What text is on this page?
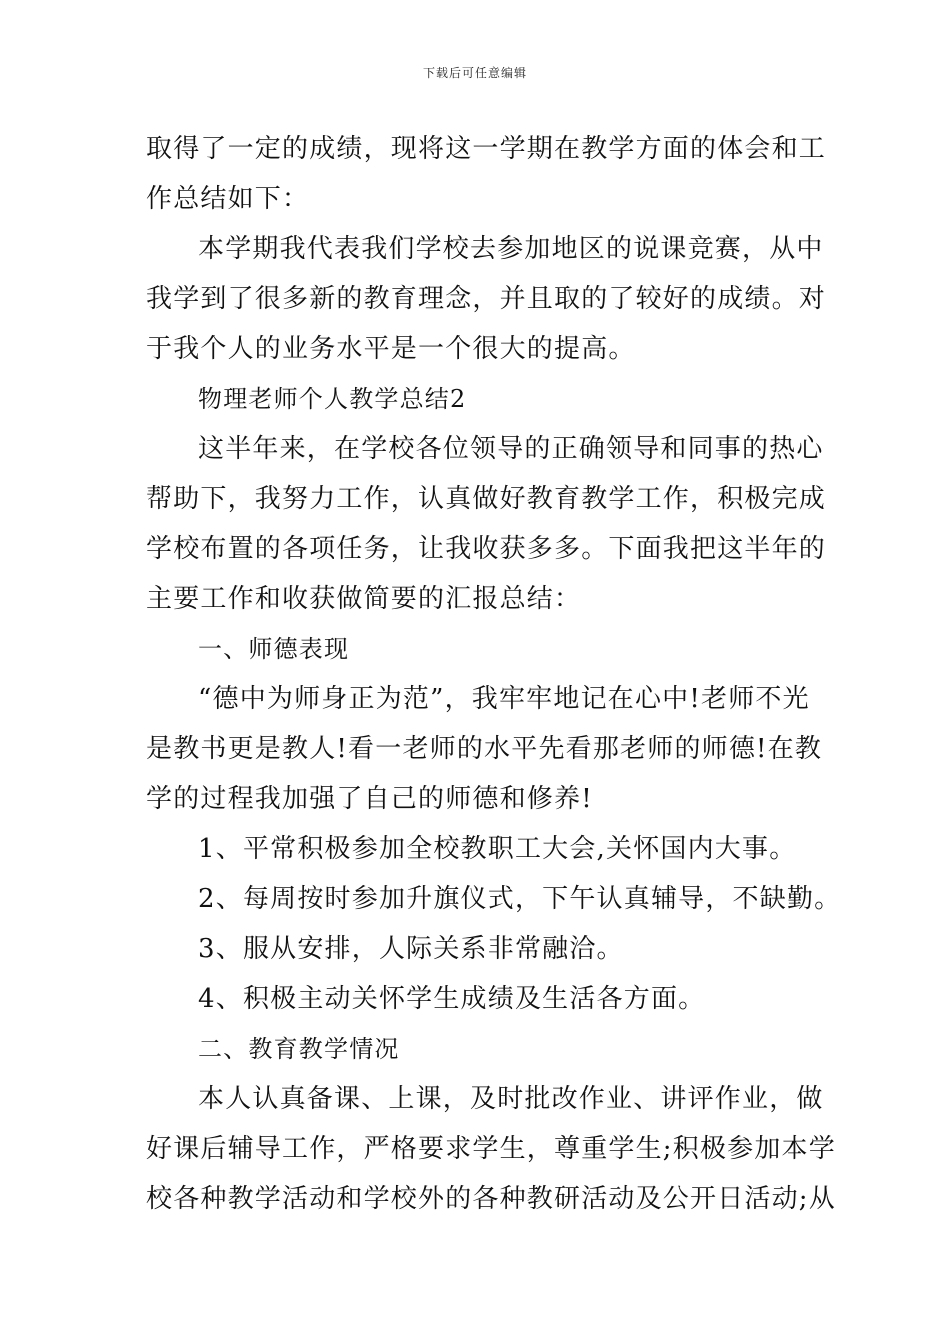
下载后可任意编辑
取得了一定的成绩，现将这一学期在教学方面的体会和工
作总结如下：
本学期我代表我们学校去参加地区的说课竞赛，从中
我学到了很多新的教育理念，并且取的了较好的成绩。对
于我个人的业务水平是一个很大的提高。
物理老师个人教学总结2
这半年来，在学校各位领导的正确领导和同事的热心
帮助下，我努力工作，认真做好教育教学工作，积极完成
学校布置的各项任务，让我收获多多。下面我把这半年的
主要工作和收获做简要的汇报总结：
一、师德表现
“德中为师身正为范”，我牢牢地记在心中!老师不光
是教书更是教人!看一老师的水平先看那老师的师德!在教
学的过程我加强了自己的师德和修养!
1、平常积极参加全校教职工大会,关怀国内大事。
2、每周按时参加升旗仪式，下午认真辅导，不缺勤。
3、服从安排，人际关系非常融洽。
4、积极主动关怀学生成绩及生活各方面。
二、教育教学情况
本人认真备课、上课，及时批改作业、讲评作业，做
好课后辅导工作，严格要求学生，尊重学生;积极参加本学
校各种教学活动和学校外的各种教研活动及公开日活动;从
